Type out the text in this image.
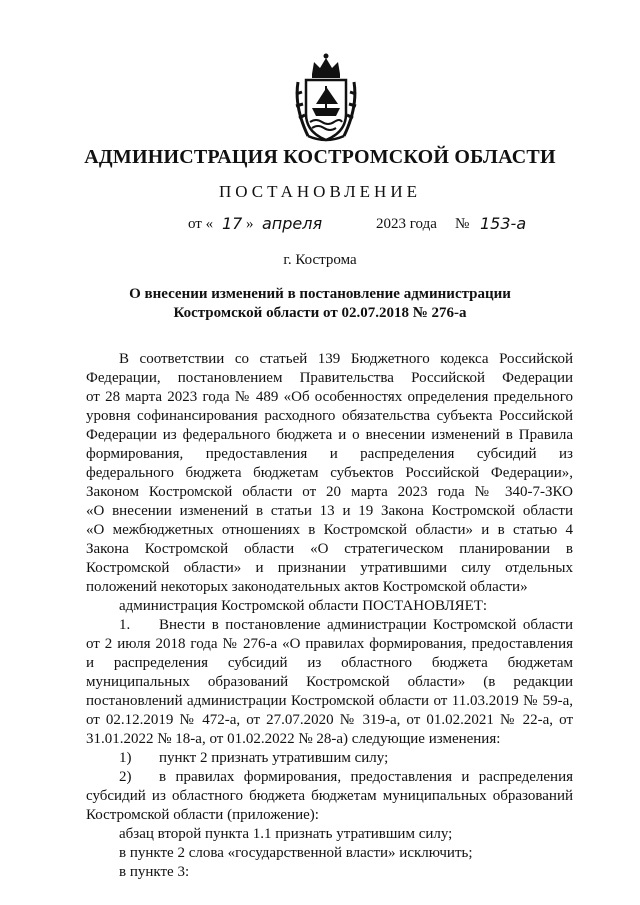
АДМИНИСТРАЦИЯ КОСТРОМСКОЙ ОБЛАСТИ
ПОСТАНОВЛЕНИЕ
от « 17 » апреля	2023 года № 153-а
г. Кострома
О внесении изменений в постановление администрации
Костромской области от 02.07.2018 № 276-а

В соответствии со статьей 139 Бюджетного кодекса Российской

Федерации, постановлением Правительства Российской Федерации

от 28 марта 2023 года № 489 «Об особенностях определения предельного

уровня софинансирования расходного обязательства субъекта Российской

Федерации из федерального бюджета и о внесении изменений в Правила

формирования, предоставления и распределения субсидий из

федерального бюджета бюджетам субъектов Российской Федерации»,

Законом Костромской области от 20 марта 2023 года № 340-7-ЗКО

«О внесении изменений в статьи 13 и 19 Закона Костромской области

«О межбюджетных отношениях в Костромской области» и в статью 4

Закона Костромской области «О стратегическом планировании в

Костромской области» и признании утратившими силу отдельных

положений некоторых законодательных актов Костромской области»

администрация Костромской области ПОСТАНОВЛЯЕТ:

1. Внести в постановление администрации Костромской области

от 2 июля 2018 года № 276-а «О правилах формирования, предоставления

и распределения субсидий из областного бюджета бюджетам

муниципальных образований Костромской области» (в редакции

постановлений администрации Костромской области от 11.03.2019 № 59-а,

от 02.12.2019 № 472-а, от 27.07.2020 № 319-а, от 01.02.2021 № 22-а, от

31.01.2022 № 18-а, от 01.02.2022 № 28-а) следующие изменения:

1) пункт 2 признать утратившим силу;

2) в правилах формирования, предоставления и распределения

субсидий из областного бюджета бюджетам муниципальных образований

Костромской области (приложение):

абзац второй пункта 1.1 признать утратившим силу;

в пункте 2 слова «государственной власти» исключить;

в пункте 3:
